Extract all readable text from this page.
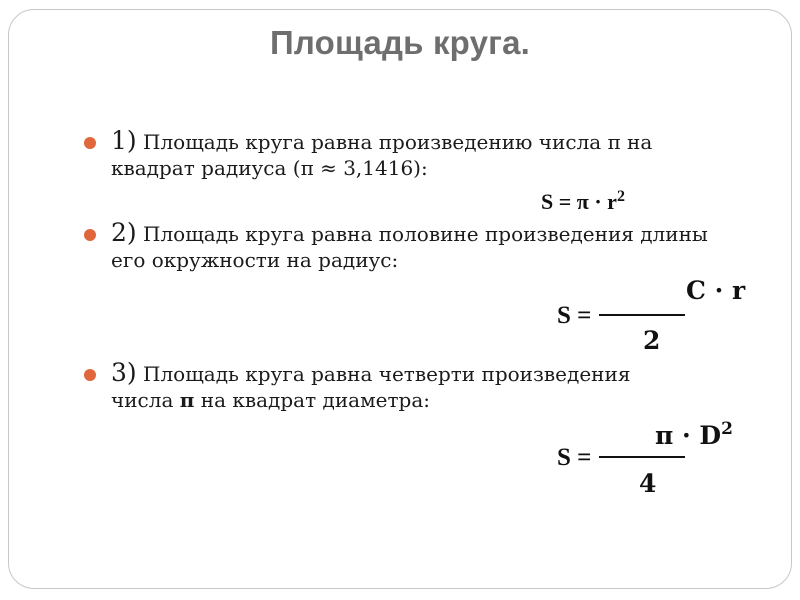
Площадь круга.
1) Площадь круга равна произведению числа π на
квадрат радиуса (π ≈ 3,1416):
$S = \pi \cdot r^2$
2) Площадь круга равна половине произведения длины
его окружности на радиус:
C · r
S =
2
3) Площадь круга равна четверти произведения
числа π на квадрат диаметра:
$\pi \cdot D^2$
S =
4
